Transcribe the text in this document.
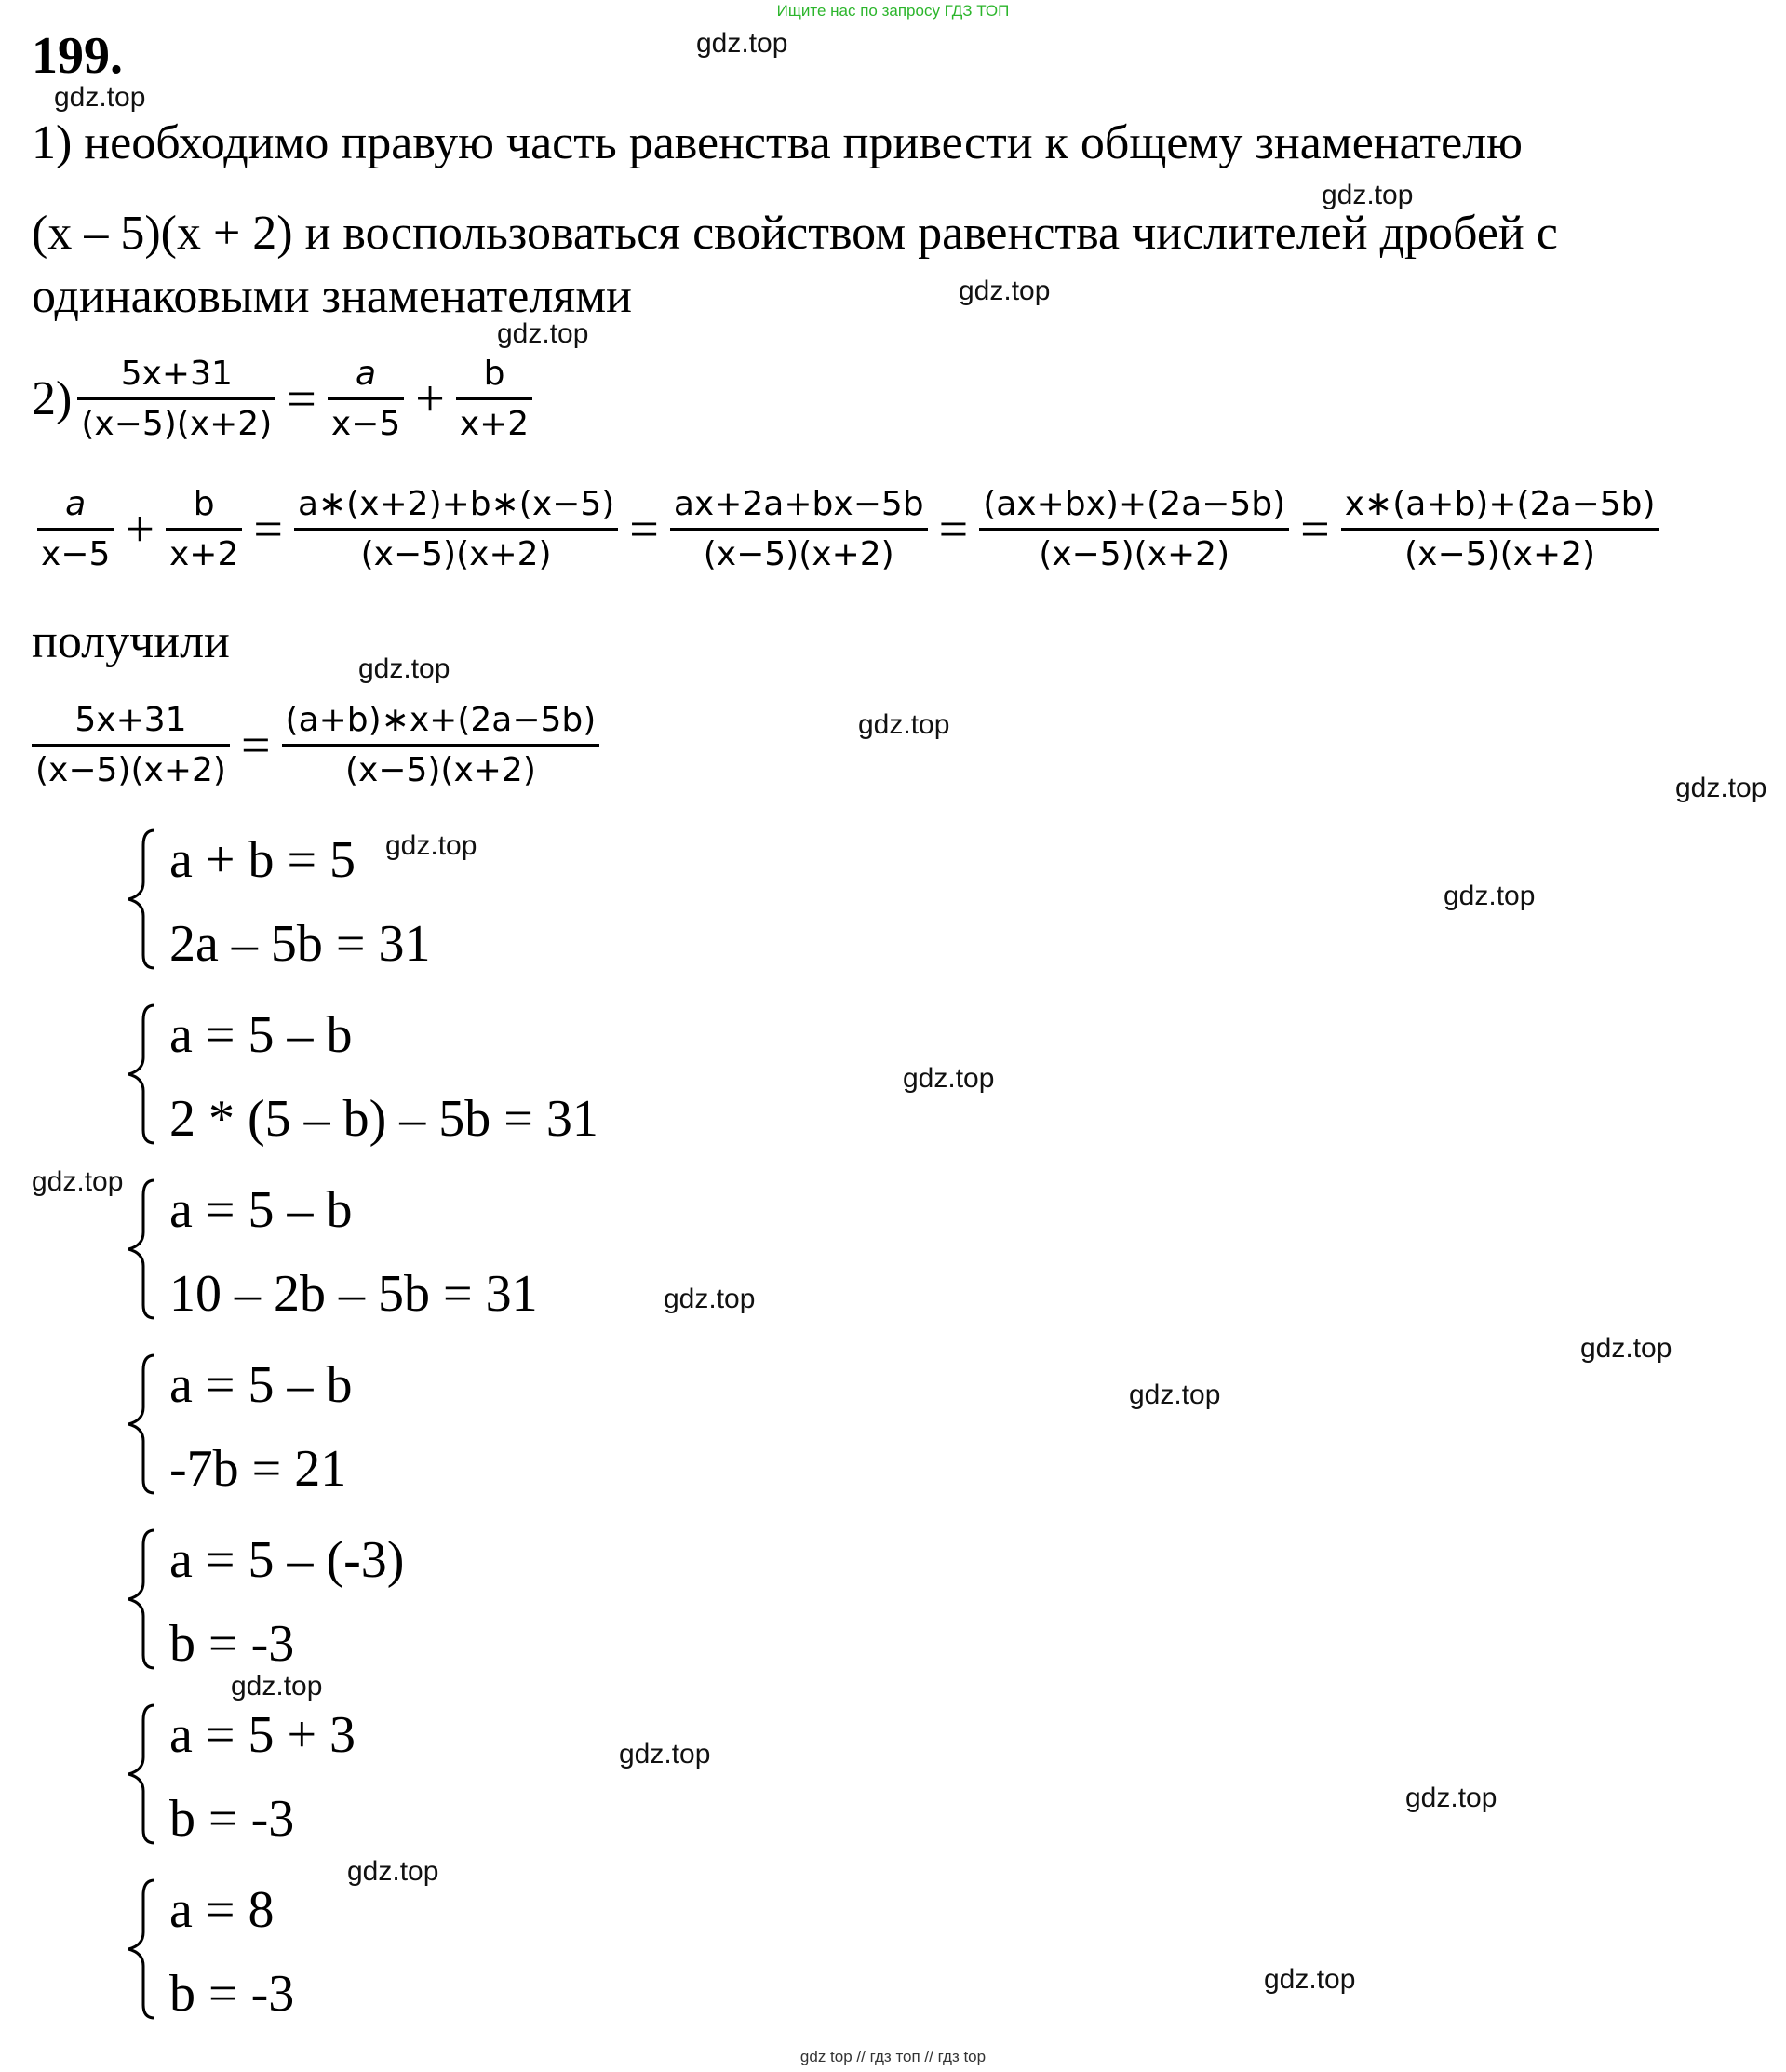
Ищите нас по запросу ГДЗ ТОП
199.
1) необходимо правую часть равенства привести к общему знаменателю
(x – 5)(x + 2) и воспользоваться свойством равенства числителей дробей с
одинаковыми знаменателями
$2) \frac{5x+31}{(x-5)(x+2)} = \frac{a}{x-5} + \frac{b}{x+2}$
$\frac{a}{x-5} + \frac{b}{x+2} = \frac{a∗(x+2)+b∗(x-5)}{(x-5)(x+2)} = \frac{ax+2a+bx-5b}{(x-5)(x+2)} = \frac{(ax+bx)+(2a-5b)}{(x-5)(x+2)} = \frac{x∗(a+b)+(2a-5b)}{(x-5)(x+2)}$
получили
$\frac{5x+31}{(x-5)(x+2)} = \frac{(a+b)∗x+(2a-5b)}{(x-5)(x+2)}$
a + b = 5
2a – 5b = 31
a = 5 – b
2 * (5 – b) – 5b = 31
a = 5 – b
10 – 2b – 5b = 31
a = 5 – b
-7b = 21
a = 5 – (-3)
b = -3
a = 5 + 3
b = -3
a = 8
b = -3
gdz.top
gdz.top
gdz.top
gdz.top
gdz.top
gdz.top
gdz.top
gdz.top
gdz.top
gdz.top
gdz.top
gdz.top
gdz.top
gdz.top
gdz.top
gdz.top
gdz.top
gdz.top
gdz.top
gdz.top
gdz top // гдз топ // гдз top
